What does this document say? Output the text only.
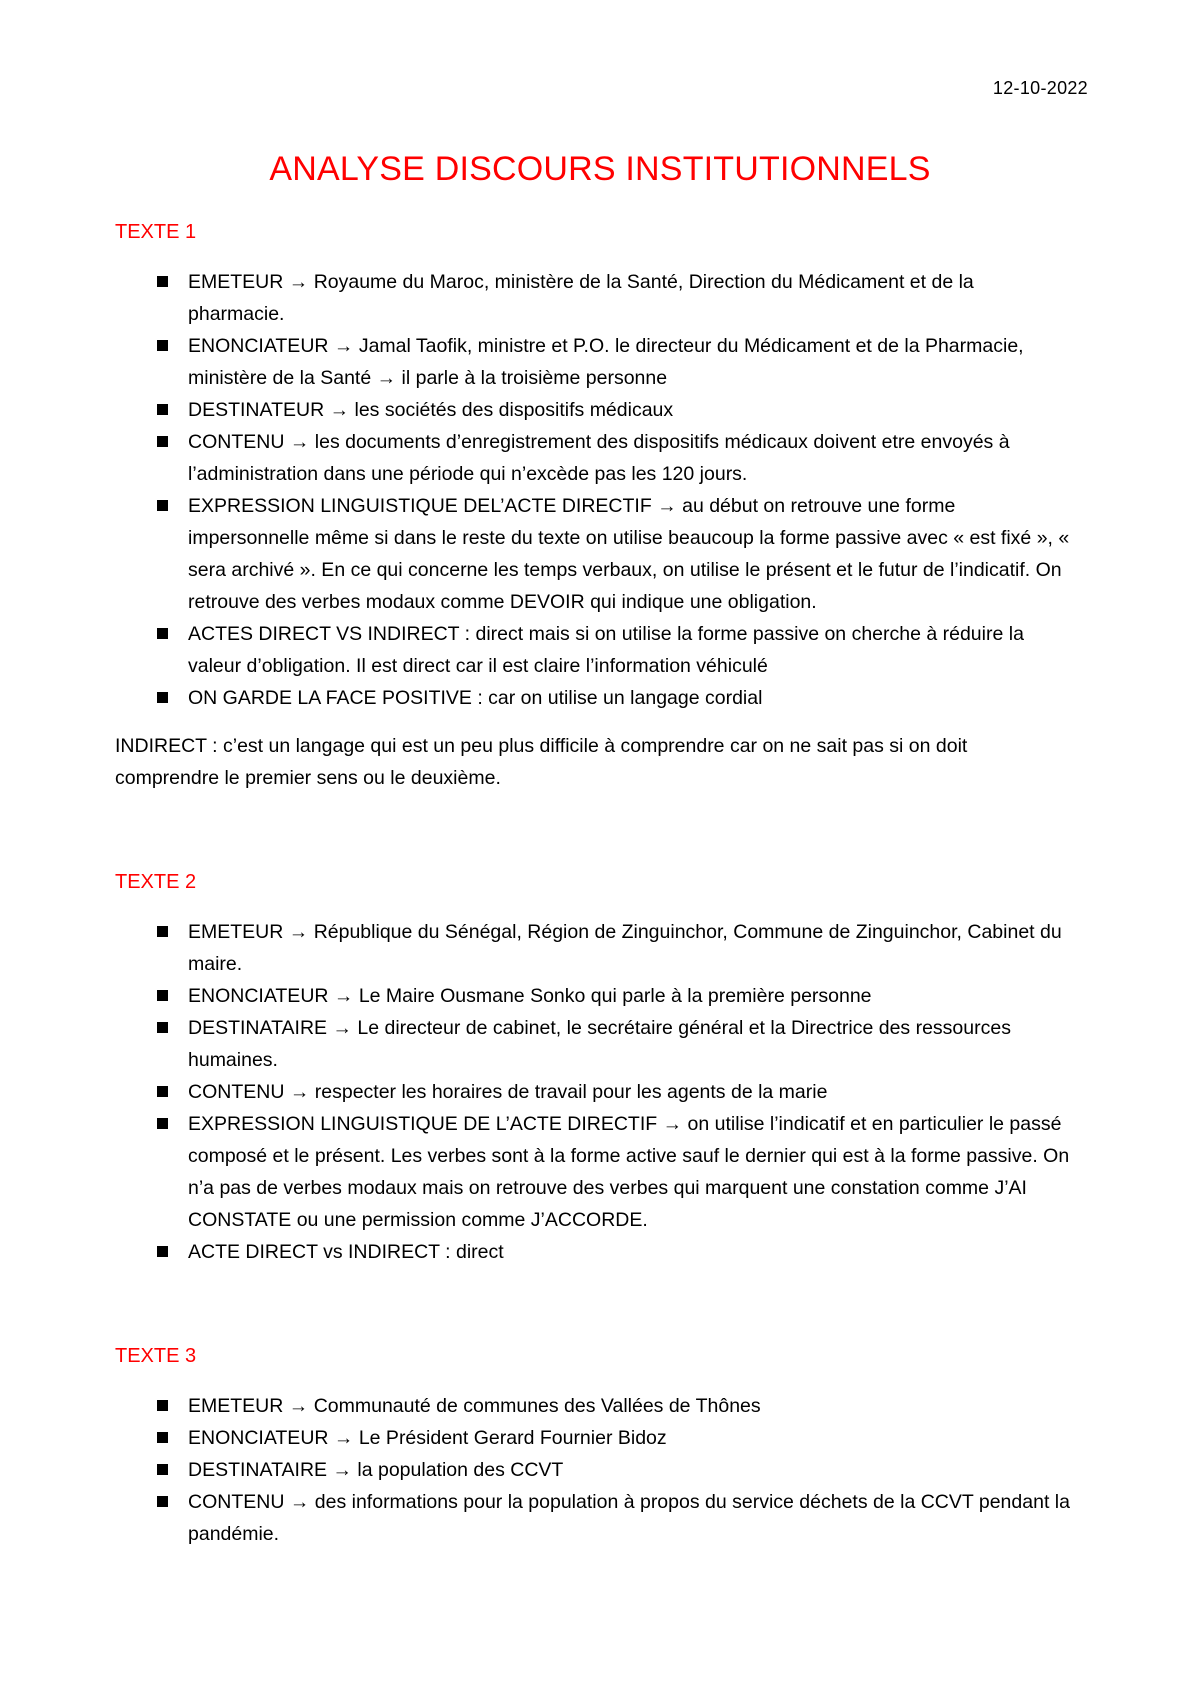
12-10-2022
ANALYSE DISCOURS INSTITUTIONNELS
TEXTE 1
EMETEUR → Royaume du Maroc, ministère de la Santé, Direction du Médicament et de la pharmacie.
ENONCIATEUR → Jamal Taofik, ministre et P.O. le directeur du Médicament et de la Pharmacie, ministère de la Santé → il parle à la troisième personne
DESTINATEUR → les sociétés des dispositifs médicaux
CONTENU → les documents d’enregistrement des dispositifs médicaux doivent etre envoyés à l’administration dans une période qui n’excède pas les 120 jours.
EXPRESSION LINGUISTIQUE DEL’ACTE DIRECTIF → au début on retrouve une forme impersonnelle même si dans le reste du texte on utilise beaucoup la forme passive avec « est fixé », « sera archivé ». En ce qui concerne les temps verbaux, on utilise le présent et le futur de l’indicatif. On retrouve des verbes modaux comme DEVOIR qui indique une obligation.
ACTES DIRECT VS INDIRECT : direct mais si on utilise la forme passive on cherche à réduire la valeur d’obligation. Il est direct car il est claire l’information véhiculé
ON GARDE LA FACE POSITIVE : car on utilise un langage cordial

INDIRECT : c’est un langage qui est un peu plus difficile à comprendre car on ne sait pas si on doit comprendre le premier sens ou le deuxième.

TEXTE 2
EMETEUR → République du Sénégal, Région de Zinguinchor, Commune de Zinguinchor, Cabinet du maire.
ENONCIATEUR → Le Maire Ousmane Sonko qui parle à la première personne
DESTINATAIRE → Le directeur de cabinet, le secrétaire général et la Directrice des ressources humaines.
CONTENU → respecter les horaires de travail pour les agents de la marie
EXPRESSION LINGUISTIQUE DE L’ACTE DIRECTIF → on utilise l’indicatif et en particulier le passé composé et le présent. Les verbes sont à la forme active sauf le dernier qui est à la forme passive. On n’a pas de verbes modaux mais on retrouve des verbes qui marquent une constation comme J’AI CONSTATE ou une permission comme J’ACCORDE.
ACTE DIRECT vs INDIRECT : direct
TEXTE 3
EMETEUR → Communauté de communes des Vallées de Thônes
ENONCIATEUR → Le Président Gerard Fournier Bidoz
DESTINATAIRE → la population des CCVT
CONTENU → des informations pour la population à propos du service déchets de la CCVT pendant la pandémie.
